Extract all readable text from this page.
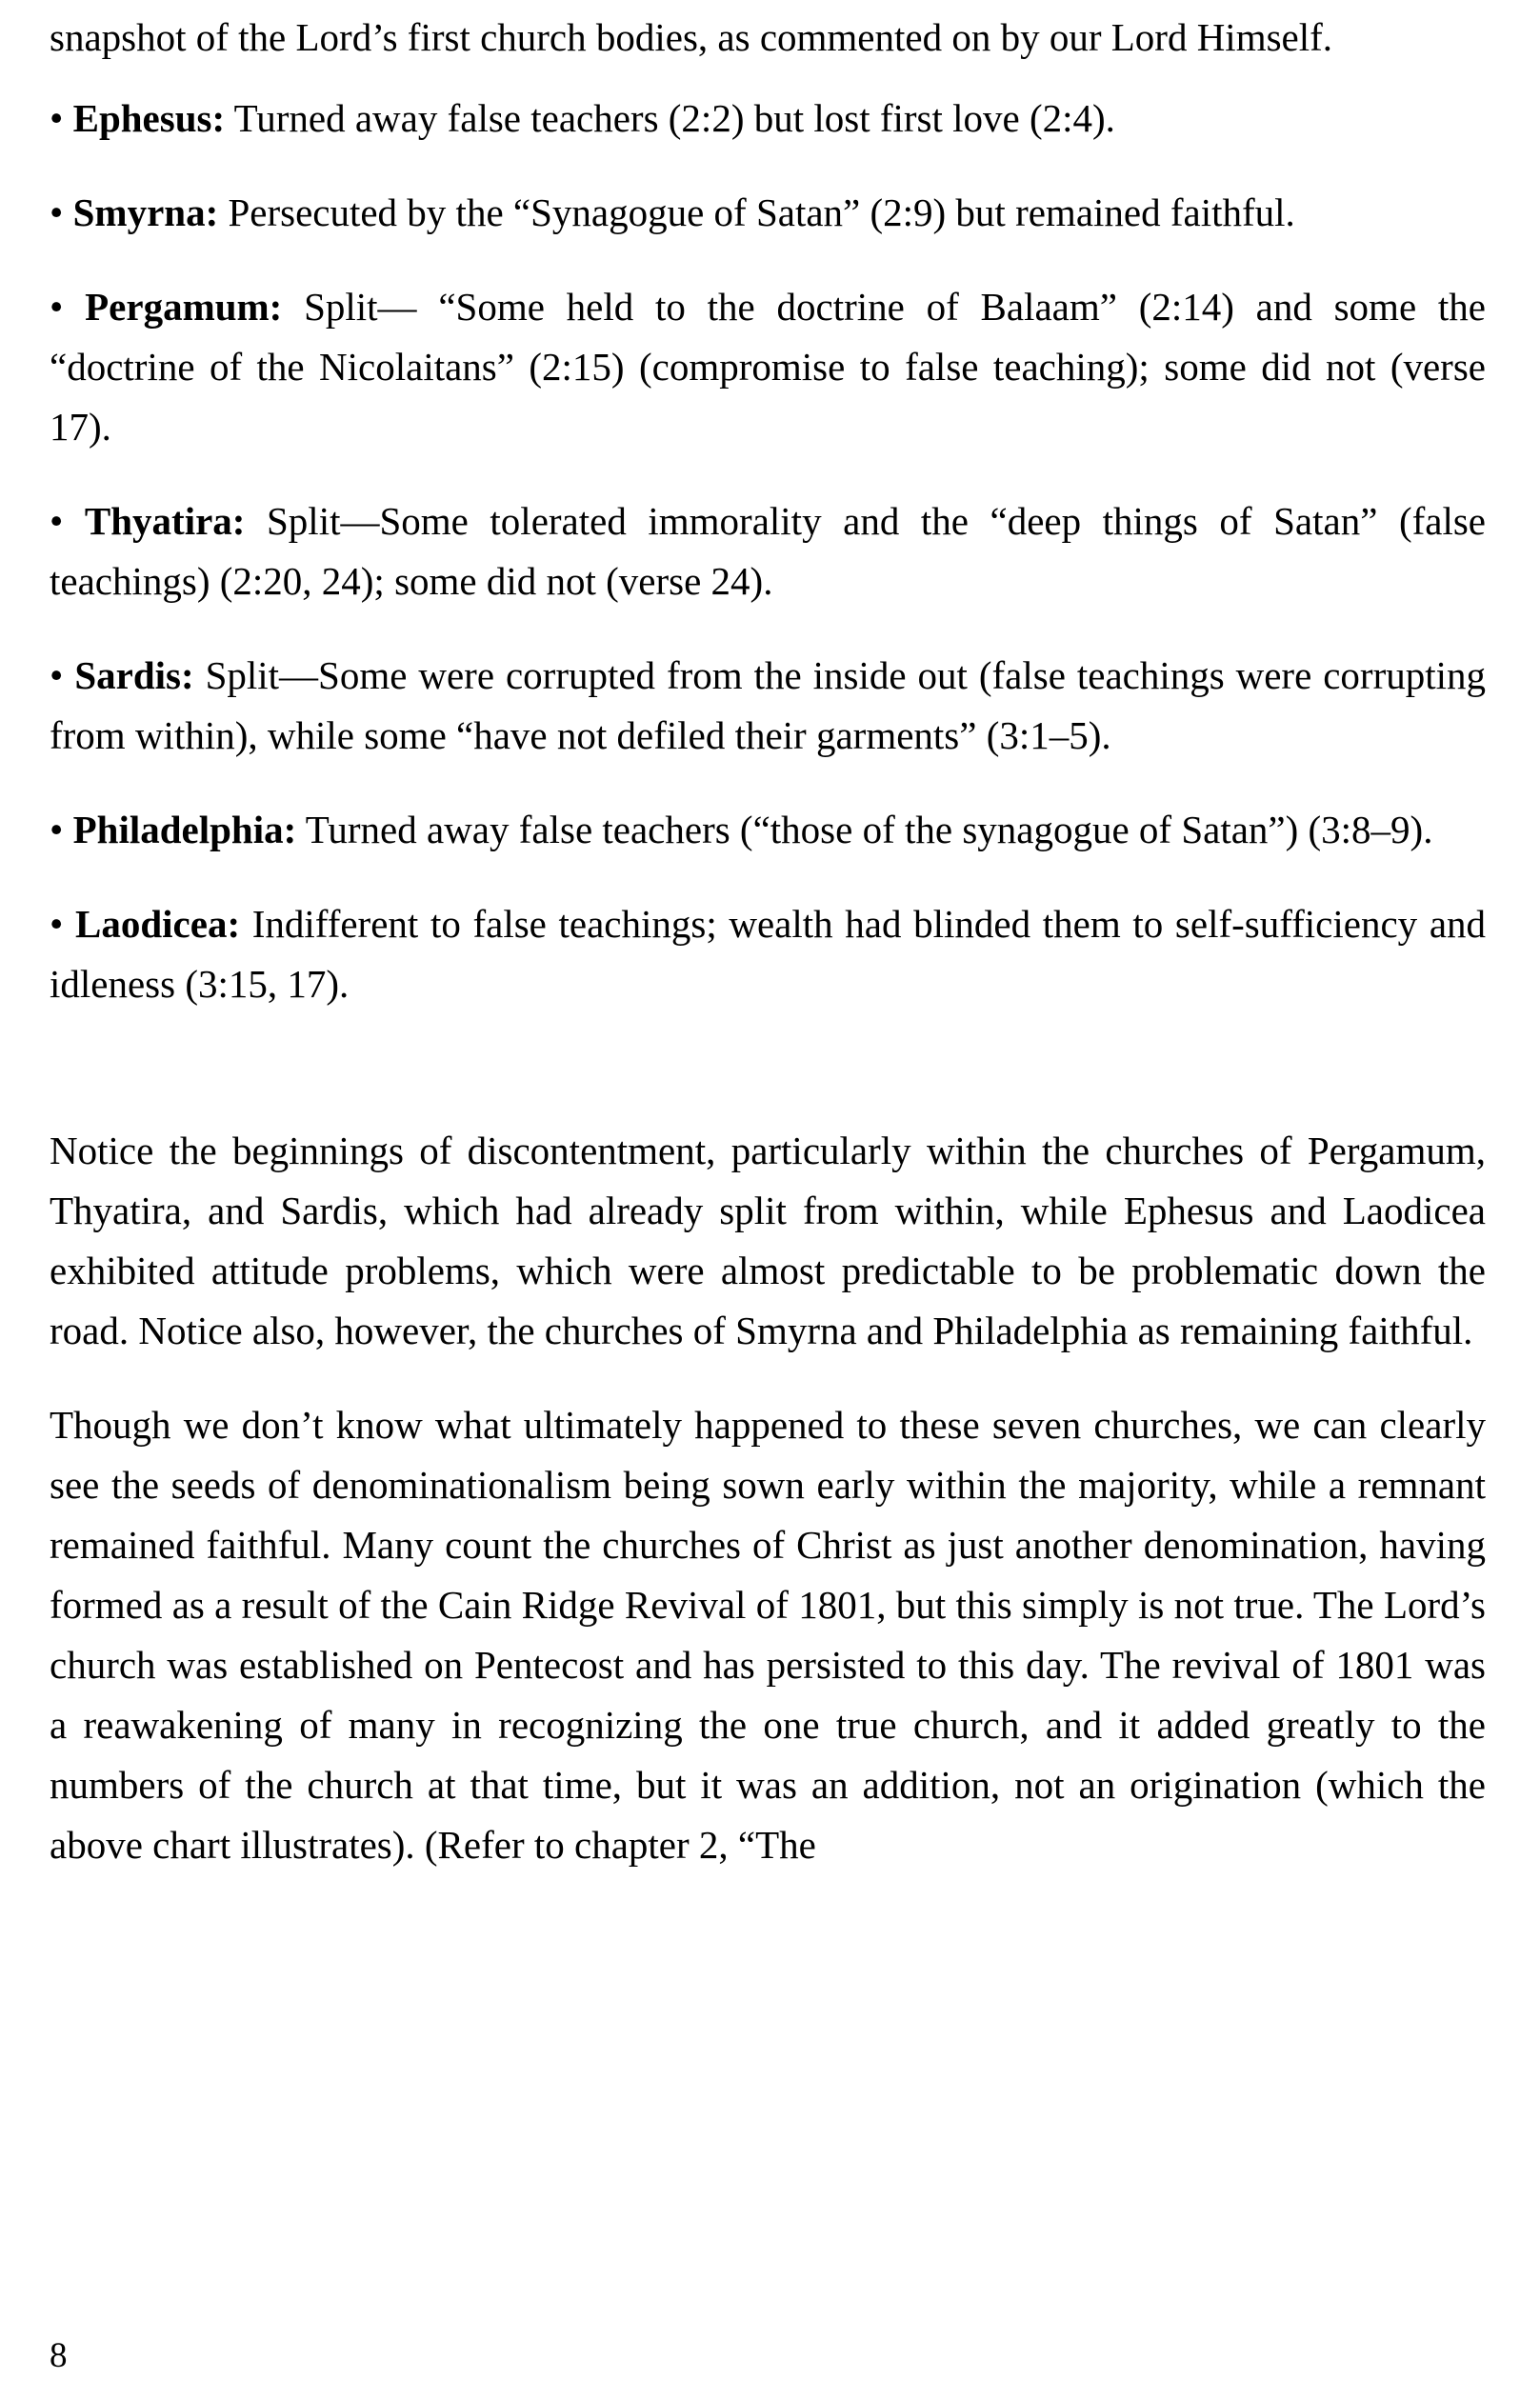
snapshot of the Lord’s first church bodies, as commented on by our Lord Himself.

• Ephesus: Turned away false teachers (2:2) but lost first love (2:4).
• Smyrna: Persecuted by the “Synagogue of Satan” (2:9) but remained faithful.
• Pergamum: Split— “Some held to the doctrine of Balaam” (2:14) and some the “doctrine of the Nicolaitans” (2:15) (compromise to false teaching); some did not (verse 17).
• Thyatira: Split—Some tolerated immorality and the “deep things of Satan” (false teachings) (2:20, 24); some did not (verse 24).
• Sardis: Split—Some were corrupted from the inside out (false teachings were corrupting from within), while some “have not defiled their garments” (3:1–5).
• Philadelphia: Turned away false teachers (“those of the synagogue of Satan”) (3:8–9).
• Laodicea: Indifferent to false teachings; wealth had blinded them to self-sufficiency and idleness (3:15, 17).

Notice the beginnings of discontentment, particularly within the churches of Pergamum, Thyatira, and Sardis, which had already split from within, while Ephesus and Laodicea exhibited attitude problems, which were almost predictable to be problematic down the road. Notice also, however, the churches of Smyrna and Philadelphia as remaining faithful.

Though we don’t know what ultimately happened to these seven churches, we can clearly see the seeds of denominationalism being sown early within the majority, while a remnant remained faithful. Many count the churches of Christ as just another denomination, having formed as a result of the Cain Ridge Revival of 1801, but this simply is not true. The Lord’s church was established on Pentecost and has persisted to this day. The revival of 1801 was a reawakening of many in recognizing the one true church, and it added greatly to the numbers of the church at that time, but it was an addition, not an origination (which the above chart illustrates). (Refer to chapter 2, “The

8
